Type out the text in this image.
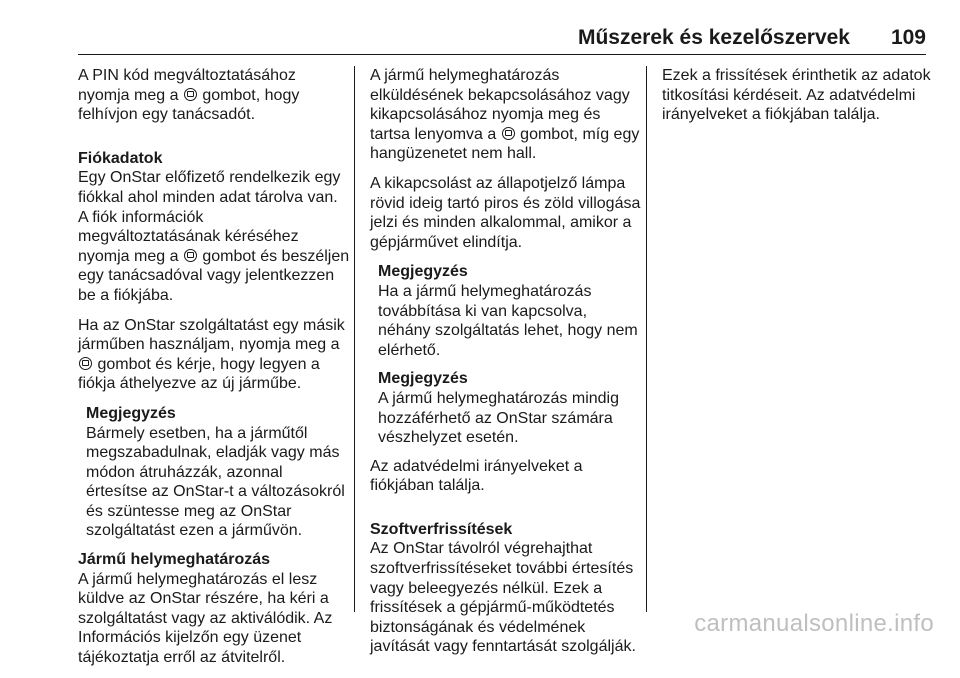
Műszerek és kezelőszervek 109

A PIN kód megváltoztatásához
nyomja meg a  gombot, hogy
felhívjon egy tanácsadót.

Fiókadatok

Egy OnStar előfizető rendelkezik egy
fiókkal ahol minden adat tárolva van.
A fiók információk
megváltoztatásának kéréséhez
nyomja meg a  gombot és beszéljen
egy tanácsadóval vagy jelentkezzen
be a fiókjába.

Ha az OnStar szolgáltatást egy másik
járműben használjam, nyomja meg a
gombot és kérje, hogy legyen a
fiókja áthelyezve az új járműbe.

Megjegyzés
Bármely esetben, ha a járműtől
megszabadulnak, eladják vagy más
módon átruházzák, azonnal
értesítse az OnStar-t a változásokról
és szüntesse meg az OnStar
szolgáltatást ezen a járművön.
Jármű helymeghatározás

A jármű helymeghatározás el lesz
küldve az OnStar részére, ha kéri a
szolgáltatást vagy az aktiválódik. Az
Információs kijelzőn egy üzenet
tájékoztatja erről az átvitelről.

A jármű helymeghatározás
elküldésének bekapcsolásához vagy
kikapcsolásához nyomja meg és
tartsa lenyomva a  gombot, míg egy
hangüzenetet nem hall.

A kikapcsolást az állapotjelző lámpa
rövid ideig tartó piros és zöld villogása
jelzi és minden alkalommal, amikor a
gépjárművet elindítja.

Megjegyzés
Ha a jármű helymeghatározás
továbbítása ki van kapcsolva,
néhány szolgáltatás lehet, hogy nem
elérhető.
Megjegyzés
A jármű helymeghatározás mindig
hozzáférhető az OnStar számára
vészhelyzet esetén.

Az adatvédelmi irányelveket a
fiókjában találja.

Szoftverfrissítések

Az OnStar távolról végrehajthat
szoftverfrissítéseket további értesítés
vagy beleegyezés nélkül. Ezek a
frissítések a gépjármű-működtetés
biztonságának és védelmének
javítását vagy fenntartását szolgálják.

Ezek a frissítések érinthetik az adatok
titkosítási kérdéseit. Az adatvédelmi
irányelveket a fiókjában találja.

carmanualsonline.info
